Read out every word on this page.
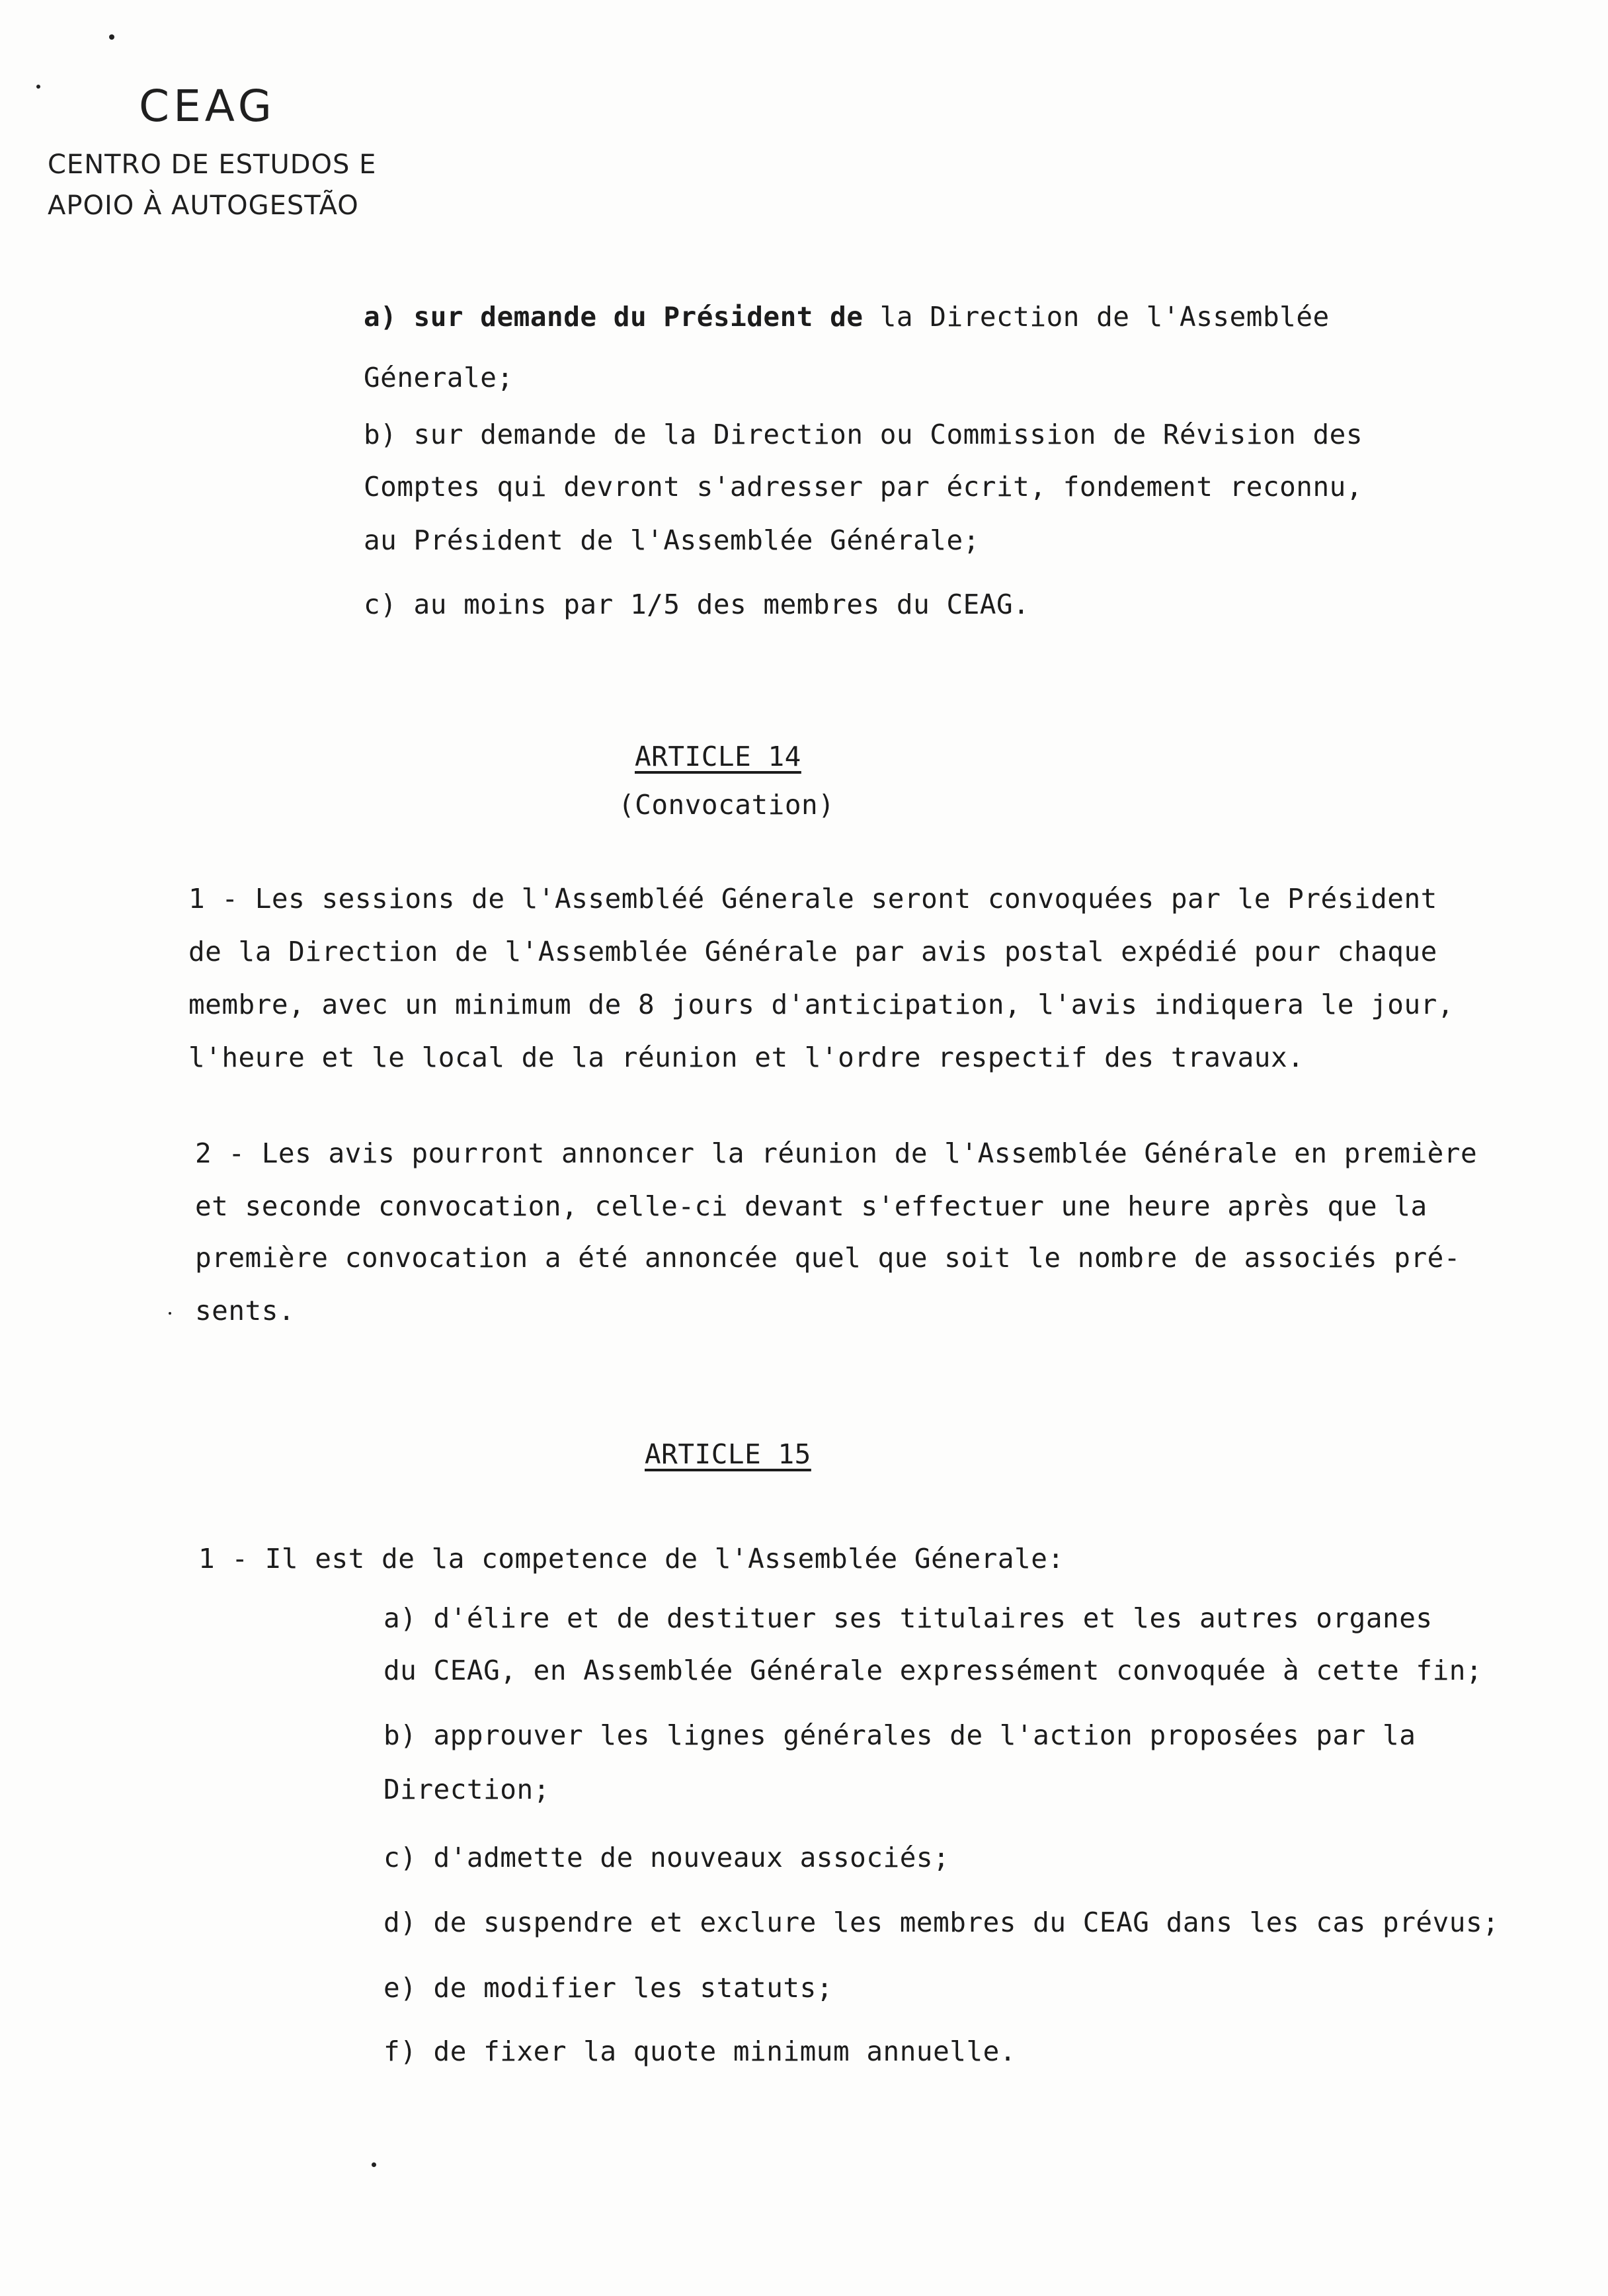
CEAG
CENTRO DE ESTUDOS E
APOIO À AUTOGESTÃO
a) sur demande du Président de la Direction de l'Assemblée
Génerale;
b) sur demande de la Direction ou Commission de Révision des
Comptes qui devront s'adresser par écrit, fondement reconnu,
au Président de l'Assemblée Générale;
c) au moins par 1/5 des membres du CEAG.
ARTICLE 14
(Convocation)
1 - Les sessions de l'Assembléé Génerale seront convoquées par le Président
de la Direction de l'Assemblée Générale par avis postal expédié pour chaque
membre, avec un minimum de 8 jours d'anticipation, l'avis indiquera le jour,
l'heure et le local de la réunion et l'ordre respectif des travaux.
2 - Les avis pourront annoncer la réunion de l'Assemblée Générale en première
et seconde convocation, celle-ci devant s'effectuer une heure après que la
première convocation a été annoncée quel que soit le nombre de associés pré-
sents.
ARTICLE 15
1 - Il est de la competence de l'Assemblée Génerale:
a) d'élire et de destituer ses titulaires et les autres organes
du CEAG, en Assemblée Générale expressément convoquée à cette fin;
b) approuver les lignes générales de l'action proposées par la
Direction;
c) d'admette de nouveaux associés;
d) de suspendre et exclure les membres du CEAG dans les cas prévus;
e) de modifier les statuts;
f) de fixer la quote minimum annuelle.
